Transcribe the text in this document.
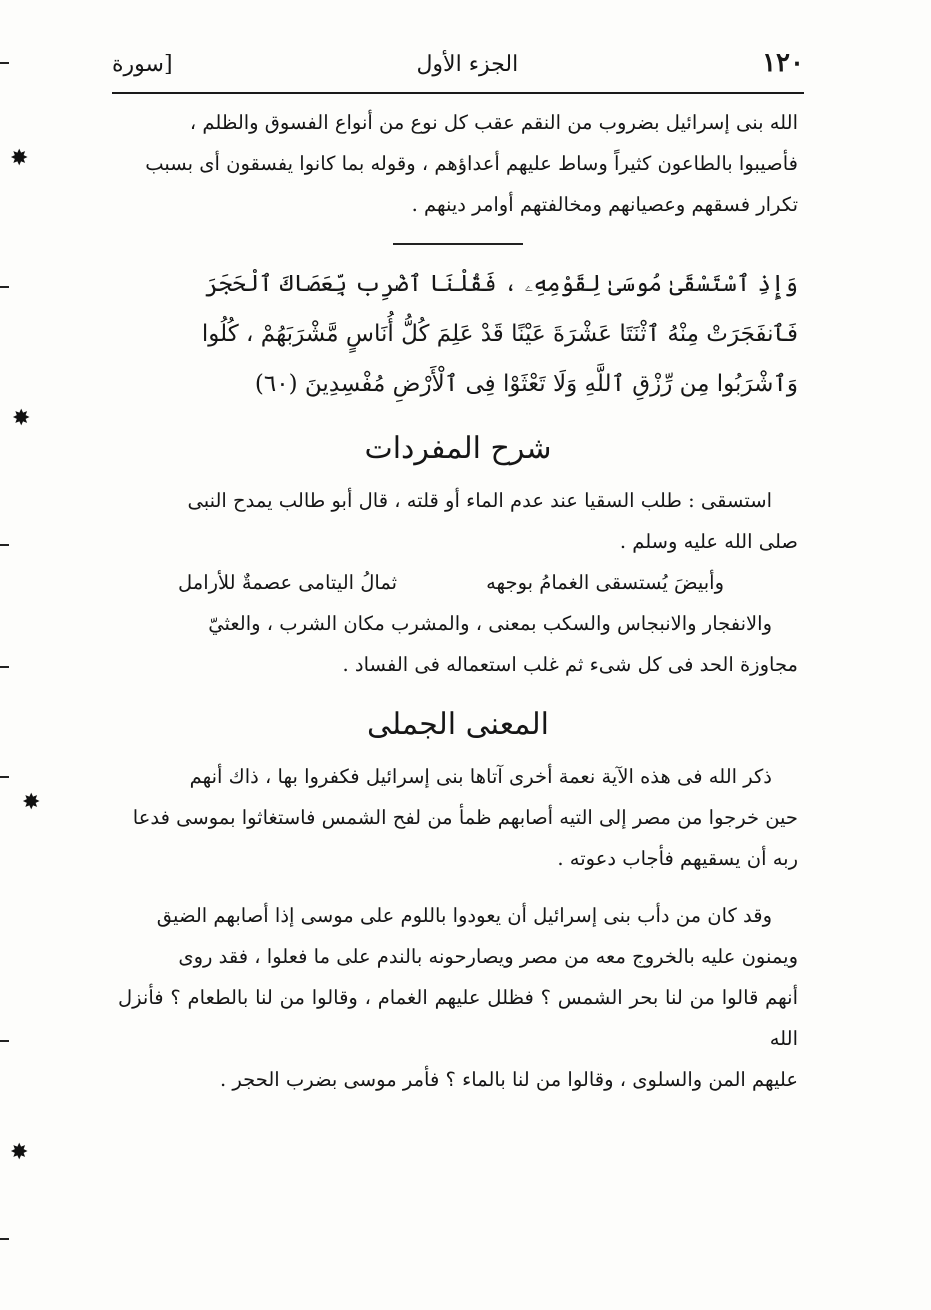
✸
✸
✸
✸
١٢٠
الجزء الأول
[سورة
الله بنى إسرائيل بضروب من النقم عقب كل نوع من أنواع الفسوق والظلم ،
فأصيبوا بالطاعون كثيراً وساط عليهم أعداؤهم ، وقوله بما كانوا يفسقون أى بسبب
تكرار فسقهم وعصيانهم ومخالفتهم أوامر دينهم .
وَإِذِ ٱسْتَسْقَىٰ مُوسَىٰ لِقَوْمِهِۦ ، فَقُلْنَا ٱضْرِب بِّعَصَاكَ ٱلْحَجَرَ
فَٱنفَجَرَتْ مِنْهُ ٱثْنَتَا عَشْرَةَ عَيْنًا قَدْ عَلِمَ كُلُّ أُنَاسٍ مَّشْرَبَهُمْ ، كُلُوا
وَٱشْرَبُوا مِن رِّزْقِ ٱللَّهِ وَلَا تَعْثَوْا فِى ٱلْأَرْضِ مُفْسِدِينَ (٦٠)
شرح المفردات
استسقى : طلب السقيا عند عدم الماء أو قلته ، قال أبو طالب يمدح النبى
صلى الله عليه وسلم .
وأبيضَ يُستسقى الغمامُ بوجهه
ثمالُ اليتامى عصمةٌ للأرامل
والانفجار والانبجاس والسكب بمعنى ، والمشرب مكان الشرب ، والعثيّ
مجاوزة الحد فى كل شىء ثم غلب استعماله فى الفساد .
المعنى الجملى
ذكر الله فى هذه الآية نعمة أخرى آتاها بنى إسرائيل فكفروا بها ، ذاك أنهم
حين خرجوا من مصر إلى التيه أصابهم ظمأ من لفح الشمس فاستغاثوا بموسى فدعا
ربه أن يسقيهم فأجاب دعوته .
وقد كان من دأب بنى إسرائيل أن يعودوا باللوم على موسى إذا أصابهم الضيق
ويمنون عليه بالخروج معه من مصر ويصارحونه بالندم على ما فعلوا ، فقد روى
أنهم قالوا من لنا بحر الشمس ؟ فظلل عليهم الغمام ، وقالوا من لنا بالطعام ؟ فأنزل الله
عليهم المن والسلوى ، وقالوا من لنا بالماء ؟ فأمر موسى بضرب الحجر .
